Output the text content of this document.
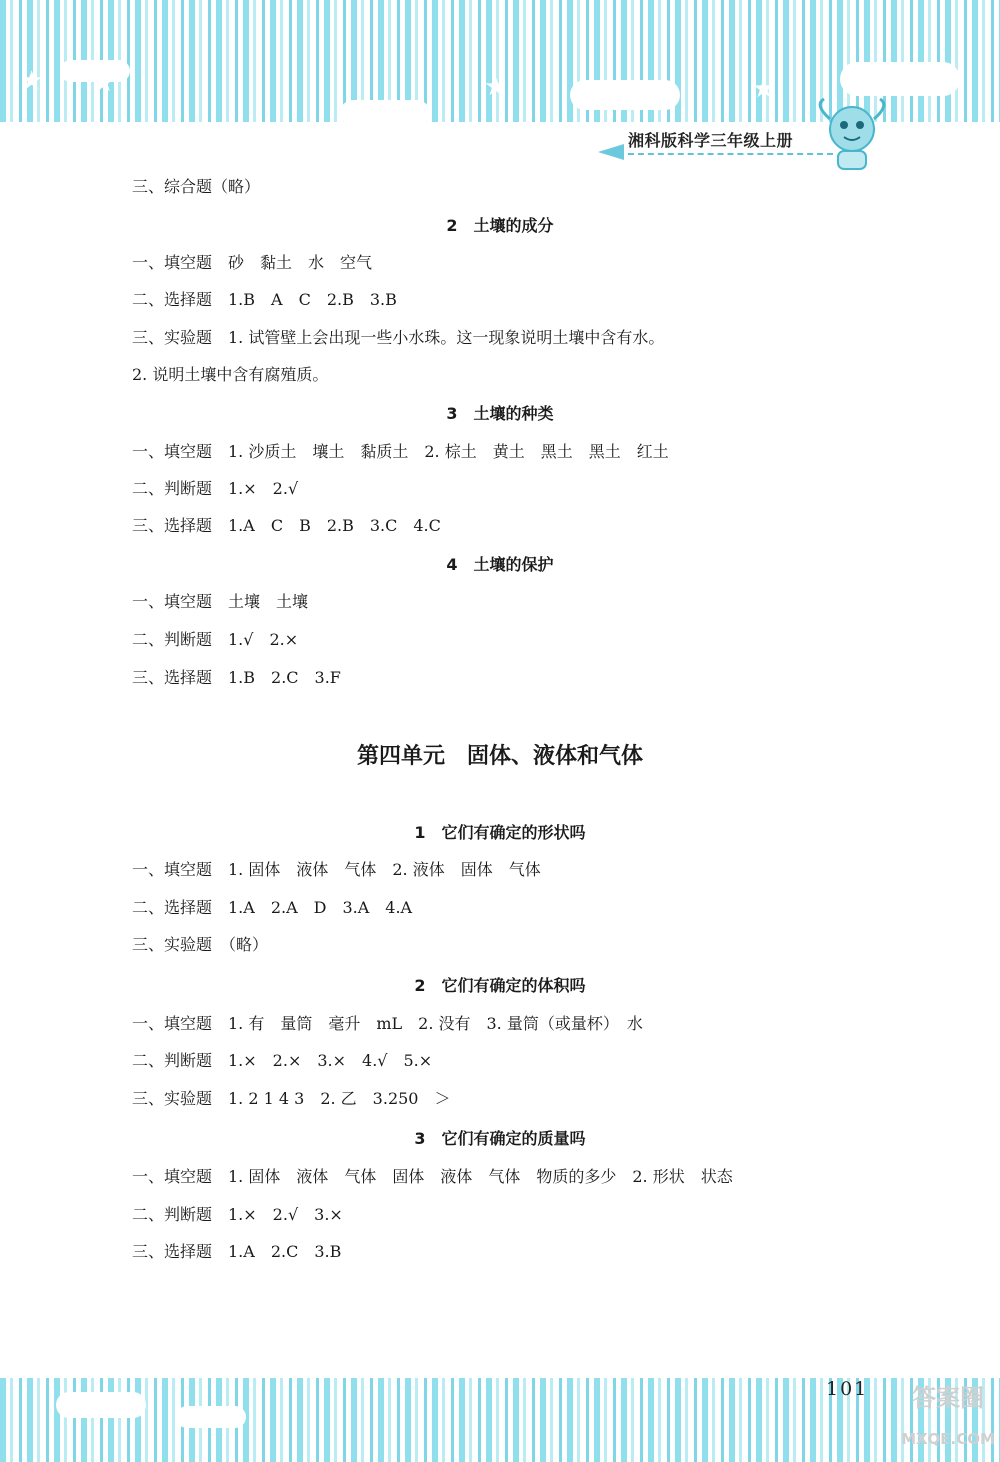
★ ★	★	★
湘科版科学三年级上册
三、综合题（略）
2　土壤的成分
一、填空题　砂　黏土　水　空气
二、选择题　1.B　A　C　2.B　3.B
三、实验题　1. 试管壁上会出现一些小水珠。这一现象说明土壤中含有水。
2. 说明土壤中含有腐殖质。
3　土壤的种类
一、填空题　1. 沙质土　壤土　黏质土　2. 棕土　黄土　黑土　黑土　红土
二、判断题　1.×　2.√
三、选择题　1.A　C　B　2.B　3.C　4.C
4　土壤的保护
一、填空题　土壤　土壤
二、判断题　1.√　2.×
三、选择题　1.B　2.C　3.F
第四单元　固体、液体和气体
1　它们有确定的形状吗
一、填空题　1. 固体　液体　气体　2. 液体　固体　气体
二、选择题　1.A　2.A　D　3.A　4.A
三、实验题　（略）
2　它们有确定的体积吗
一、填空题　1. 有　量筒　毫升　mL　2. 没有　3. 量筒（或量杯）　水
二、判断题　1.×　2.×　3.×　4.√　5.×
三、实验题　1. 2 1 4 3　2. 乙　3.250　＞
3　它们有确定的质量吗
一、填空题　1. 固体　液体　气体　固体　液体　气体　物质的多少　2. 形状　状态
二、判断题　1.×　2.√　3.×
三、选择题　1.A　2.C　3.B
101 答案圈
MXQE.COM
